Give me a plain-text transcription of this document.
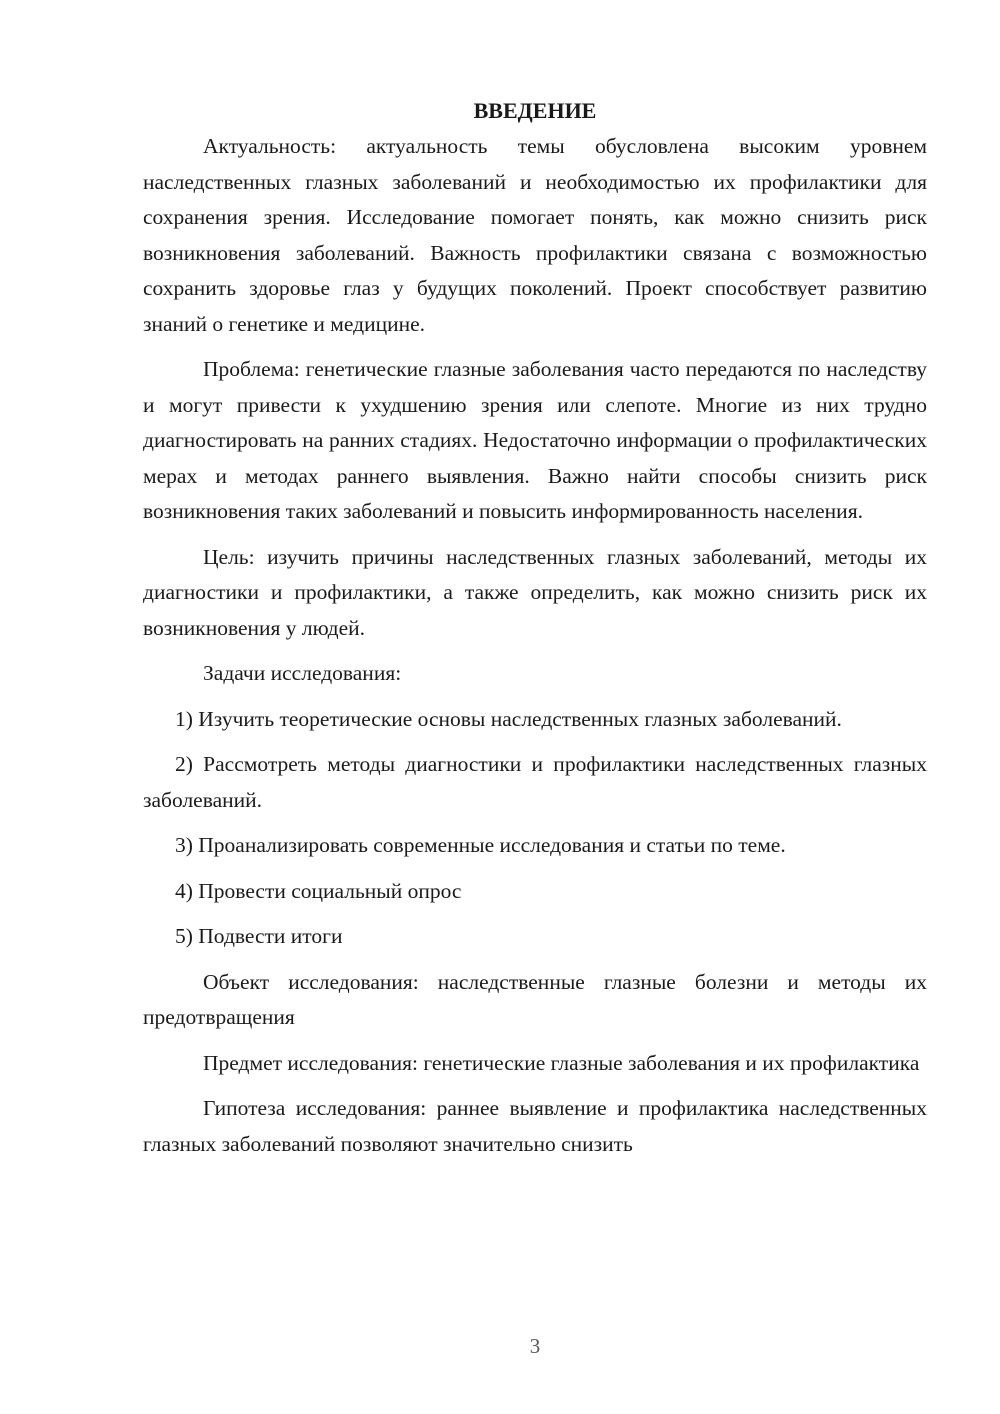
ВВЕДЕНИЕ

Актуальность: актуальность темы обусловлена высоким уровнем наследственных глазных заболеваний и необходимостью их профилактики для сохранения зрения. Исследование помогает понять, как можно снизить риск возникновения заболеваний. Важность профилактики связана с возможностью сохранить здоровье глаз у будущих поколений. Проект способствует развитию знаний о генетике и медицине.

Проблема: генетические глазные заболевания часто передаются по наследству и могут привести к ухудшению зрения или слепоте. Многие из них трудно диагностировать на ранних стадиях. Недостаточно информации о профилактических мерах и методах раннего выявления. Важно найти способы снизить риск возникновения таких заболеваний и повысить информированность населения.

Цель: изучить причины наследственных глазных заболеваний, методы их диагностики и профилактики, а также определить, как можно снизить риск их возникновения у людей.

Задачи исследования:

1) Изучить теоретические основы наследственных глазных заболеваний.

2) Рассмотреть методы диагностики и профилактики наследственных глазных заболеваний.

3) Проанализировать современные исследования и статьи по теме.

4) Провести социальный опрос

5) Подвести итоги

Объект исследования: наследственные глазные болезни и методы их предотвращения

Предмет исследования: генетические глазные заболевания и их профилактика

Гипотеза исследования: раннее выявление и профилактика наследственных глазных заболеваний позволяют значительно снизить

3
